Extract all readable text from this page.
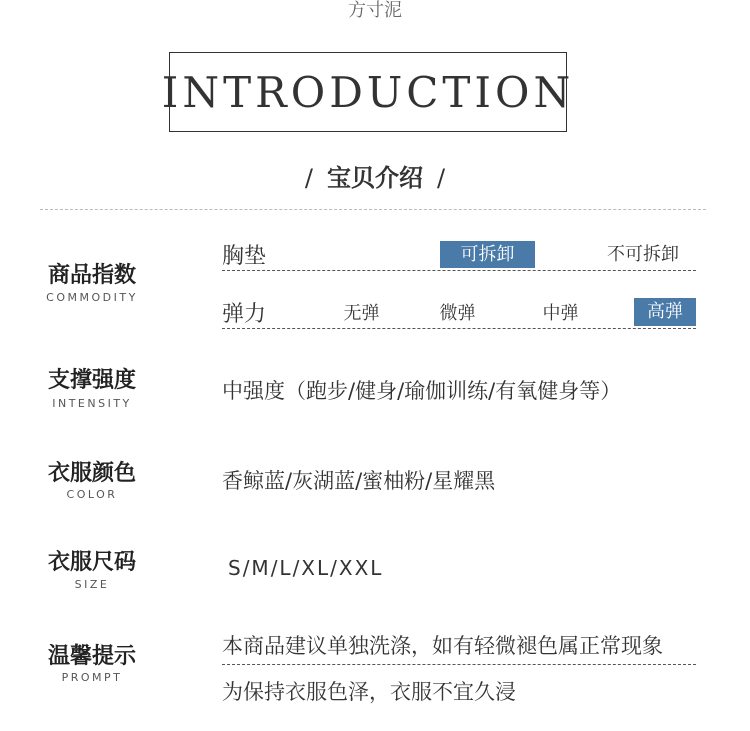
方寸泥
INTRODUCTION
/ 宝贝介绍 /
商品指数
COMMODITY
胸垫	可拆卸	不可拆卸
弹力	无弹	微弹	中弹	高弹
支撑强度
INTENSITY
中强度（跑步/健身/瑜伽训练/有氧健身等）
衣服颜色
COLOR
香鲸蓝/灰湖蓝/蜜柚粉/星耀黑
衣服尺码
SIZE
S/M/L/XL/XXL
温馨提示
PROMPT
本商品建议单独洗涤，如有轻微褪色属正常现象
为保持衣服色泽，衣服不宜久浸
